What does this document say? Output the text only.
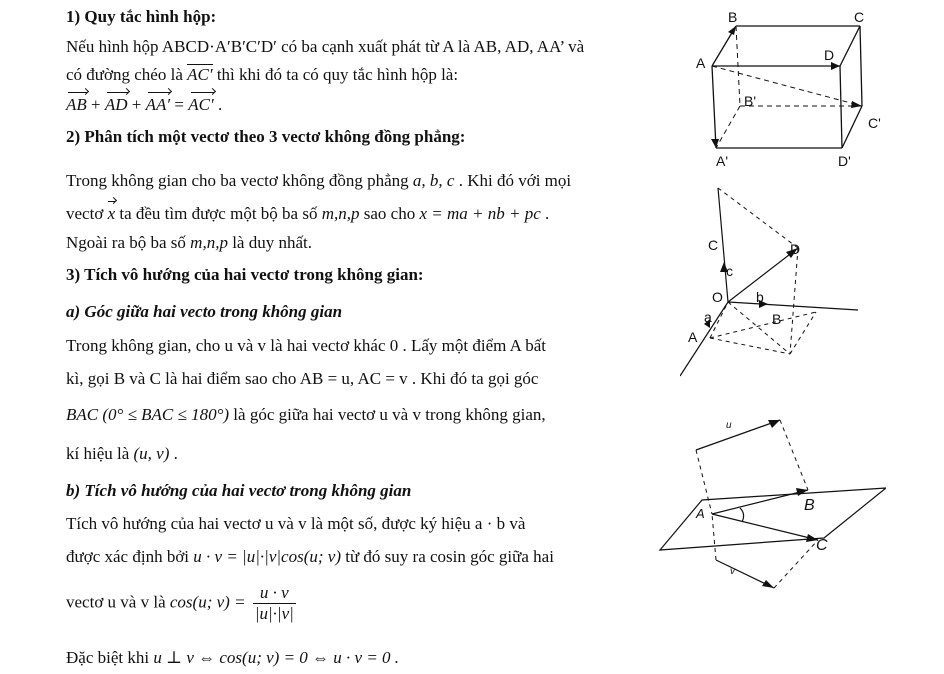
1) Quy tắc hình hộp:
Nếu hình hộp ABCD·A′B′C′D′ có ba cạnh xuất phát từ A là AB, AD, AA’ và
có đường chéo là AC′ thì khi đó ta có quy tắc hình hộp là:
AB + AD + AA′ = AC′ .
2) Phân tích một vectơ theo 3 vectơ không đồng phẳng:
Trong không gian cho ba vectơ không đồng phẳng a, b, c . Khi đó với mọi
vectơ x ta đều tìm được một bộ ba số m,n,p sao cho x = ma + nb + pc .
Ngoài ra bộ ba số m,n,p là duy nhất.
3) Tích vô hướng của hai vectơ trong không gian:
a) Góc giữa hai vecto trong không gian
Trong không gian, cho u và v là hai vectơ khác 0 . Lấy một điểm A bất
kì, gọi B và C là hai điểm sao cho AB = u, AC = v . Khi đó ta gọi góc
BAC (0° ≤ BAC ≤ 180°) là góc giữa hai vectơ u và v trong không gian,
kí hiệu là (u, v) .
b) Tích vô hướng của hai vectơ trong không gian
Tích vô hướng của hai vectơ u và v là một số, được ký hiệu a · b và
được xác định bởi u · v = |u|·|v|cos(u; v) từ đó suy ra cosin góc giữa hai
vectơ u và v là cos(u; $v) = \frac{u \cdot v}{|u|\cdot|v|}$
Đặc biệt khi u ⊥ v ⇔ cos(u; v) = 0 ⇔ u · v = 0 .
B	C
A	D
B'
C'
A'	D'
C	D
c
O b
a	B
A
u
A	B
C
v
